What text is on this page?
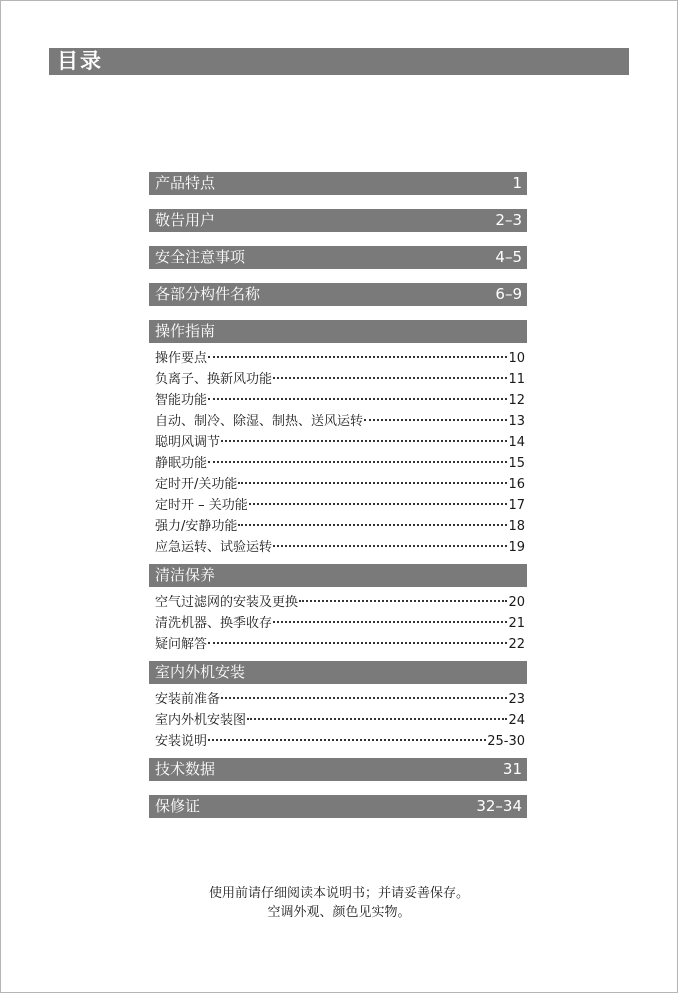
目录
产品特点	1
敬告用户	2–3
安全注意事项	4–5
各部分构件名称	6–9
操作指南
操作要点	10
负离子、换新风功能	11
智能功能	12
自动、制冷、除湿、制热、送风运转	13
聪明风调节	14
静眠功能	15
定时开/关功能	16
定时开 – 关功能	17
强力/安静功能	18
应急运转、试验运转	19
清洁保养
空气过滤网的安装及更换	20
清洗机器、换季收存	21
疑问解答	22
室内外机安装
安装前准备	23
室内外机安装图	24
安装说明	25-30
技术数据	31
保修证	32–34
使用前请仔细阅读本说明书；并请妥善保存。
空调外观、颜色见实物。
